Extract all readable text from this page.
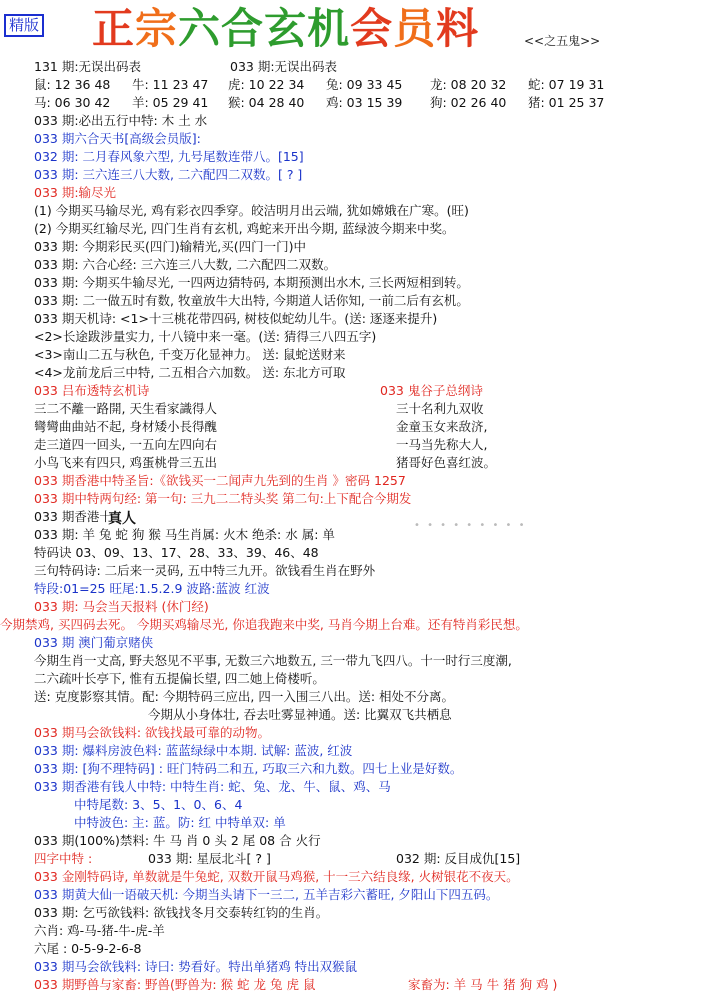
精版 正宗六合玄机会员料	<<之五鬼>>
131 期:无误出码表	033 期:无误出码表
鼠: 12 36 48 牛: 11 23 47 虎: 10 22 34 兔: 09 33 45 龙: 08 20 32 蛇: 07 19 31
马: 06 30 42 羊: 05 29 41 猴: 04 28 40 鸡: 03 15 39 狗: 02 26 40 猪: 01 25 37
033 期:必出五行中特: 木 土 水
033 期六合天书[高级会员版]:
032 期: 二月春风象六型, 九号尾数连带八。[15]
033 期: 三六连三八大数, 二六配四二双数。[ ? ]
033 期:输尽光
(1) 今期买马输尽光, 鸡有彩衣四季穿。皎洁明月出云端, 犹如嫦娥在广寒。(旺)
(2) 今期买红输尽光, 四门生肖有玄机, 鸡蛇来开出今期, 蓝绿波今期来中奖。
033 期: 今期彩民买(四门)输精光,买(四门一门)中
033 期: 六合心经: 三六连三八大数, 二六配四二双数。
033 期: 今期买牛输尽光, 一四两边猜特码, 本期预测出水木, 三长两短相到转。
033 期: 二一做五时有数, 牧童放牛大出特, 今期道人话你知, 一前二后有玄机。
033 期天机诗: <1>十三桃花带四码, 树枝似蛇幼儿牛。(送: 逐逐来提升)
<2>长途跋涉量实力, 十八镜中来一毫。(送: 猜得三八四五字)
<3>南山二五与秋色, 千变万化显神力。 送: 鼠蛇送财来
<4>龙前龙后三中特, 二五相合六加数。 送: 东北方可取
033 吕布透特玄机诗	033 鬼谷子总纲诗
三二不離一路開, 天生看家識得人	三十名利九双收
彎彎曲曲站不起, 身材矮小長得醜	金童玉女来敌济,
走三道四一回头, 一五向左四向右	一马当先称大人,
小鸟飞来有四只, 鸡蛋桃骨三五出	猪哥好色喜红波。
033 期香港中特圣旨:《欲钱买一二闻声九先到的生肖 》密码 1257
033 期中特两句经: 第一句: 三九二二特头奖 第二句:上下配合今期发
033 期香港十
真人	• • • • • • • • •
033 期: 羊 兔 蛇 狗 猴 马生肖属: 火木 绝杀: 水 属: 单
特码诀 03、09、13、17、28、33、39、46、48
三句特码诗: 二后来一灵码, 五中特三九开。欲钱看生肖在野外
特段:01=25 旺尾:1.5.2.9 波路:蓝波 红波
033 期: 马会当天报料 (休门经)
今期禁鸡, 买四码去死。 今期买鸡输尽光, 你追我跑来中奖, 马肖今期上台难。还有特肖彩民想。
033 期 澳门葡京赌侠
今期生肖一丈高, 野夫怒见不平事, 无数三六地数五, 三一带九飞四八。十一时行三度潮,
二六疏叶长亭下, 惟有五提偏长望, 四二她上倚楼听。
送: 克度影察其情。配: 今期特码三应出, 四一入围三八出。送: 相处不分离。
今期从小身体壮, 吞去吐雾显神通。送: 比翼双飞共栖息
033 期马会欲钱料: 欲钱找最可靠的动物。
033 期: 爆料房波色料: 蓝蓝绿绿中本期. 试解: 蓝波, 红波
033 期: [狗不理特码] : 旺门特码二和五, 巧取三六和九数。四七上业是好数。
033 期香港有钱人中特: 中特生肖: 蛇、兔、龙、牛、鼠、鸡、马
中特尾数: 3、5、1、0、6、4
中特波色: 主: 蓝。防: 红 中特单双: 单
033 期(100%)禁料: 牛 马 肖 0 头 2 尾 08 合 火行
四字中特 :	033 期: 星辰北斗[ ? ]	032 期: 反目成仇[15]
033 金刚特码诗, 单数就是牛兔蛇, 双数开鼠马鸡猴, 十一三六结良缘, 火树银花不夜天。
033 期黄大仙一语破天机: 今期当头请下一三二, 五羊吉彩六蓄旺, 夕阳山下四五码。
033 期: 乞丐欲钱料: 欲钱找冬月交泰转红钧的生肖。
六肖: 鸡-马-猪-牛-虎-羊
六尾 : 0-5-9-2-6-8
033 期马会欲钱料: 诗曰: 势看好。特出单猪鸡 特出双猴鼠
033 期野兽与家畜: 野兽(野兽为: 猴 蛇 龙 兔 虎 鼠	家畜为: 羊 马 牛 猪 狗 鸡 )
